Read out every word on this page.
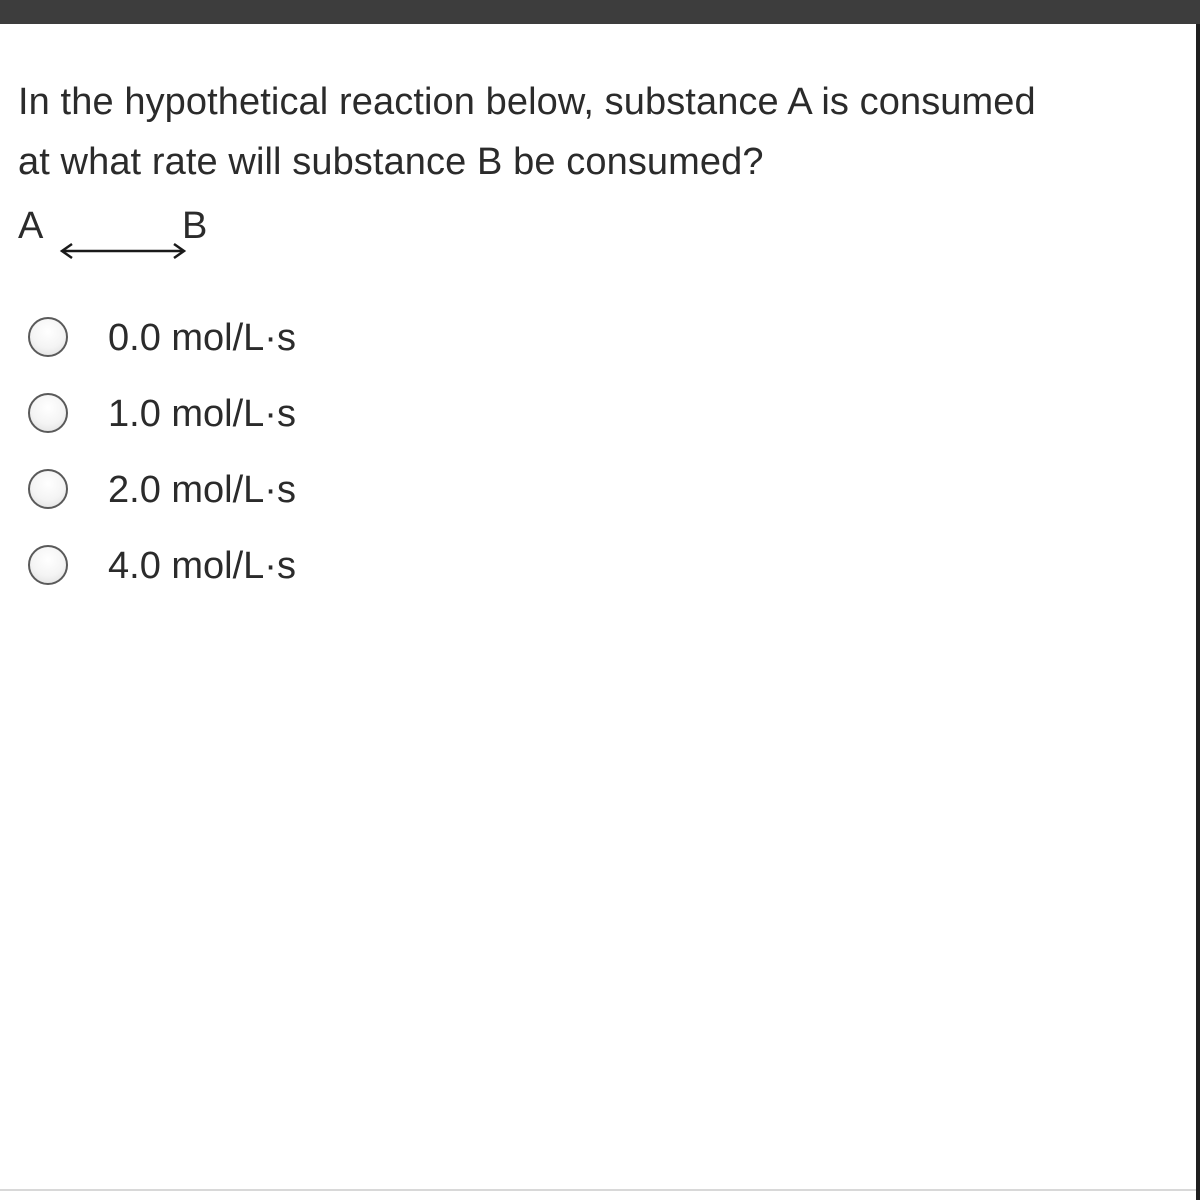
In the hypothetical reaction below, substance A is consumed
at what rate will substance B be consumed?
A	B
0.0 mol/L·s
1.0 mol/L·s
2.0 mol/L·s
4.0 mol/L·s
